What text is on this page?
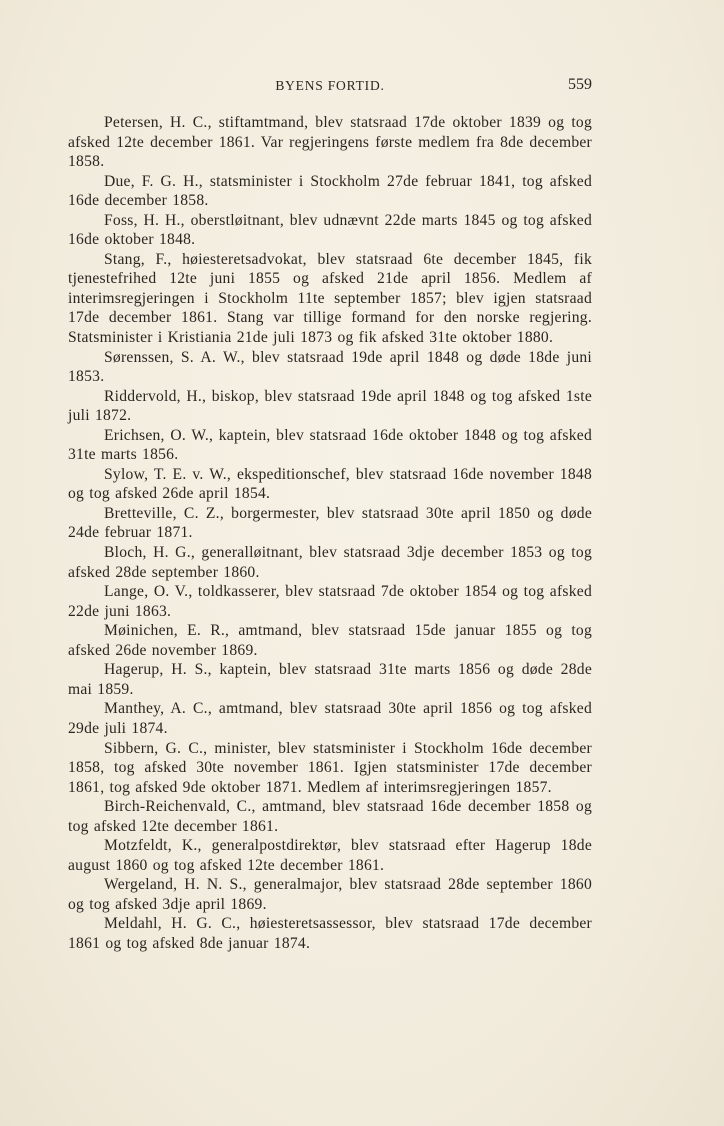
BYENS FORTID.	559

Petersen, H. C., stiftamtmand, blev statsraad 17de oktober 1839 og tog afsked 12te december 1861. Var regjeringens første medlem fra 8de december 1858.

Due, F. G. H., statsminister i Stockholm 27de februar 1841, tog afsked 16de december 1858.

Foss, H. H., oberstløitnant, blev udnævnt 22de marts 1845 og tog afsked 16de oktober 1848.

Stang, F., høiesteretsadvokat, blev statsraad 6te december 1845, fik tjenestefrihed 12te juni 1855 og afsked 21de april 1856. Medlem af interimsregjeringen i Stockholm 11te september 1857; blev igjen statsraad 17de december 1861. Stang var tillige formand for den norske regjering. Statsminister i Kristiania 21de juli 1873 og fik afsked 31te oktober 1880.

Sørenssen, S. A. W., blev statsraad 19de april 1848 og døde 18de juni 1853.

Riddervold, H., biskop, blev statsraad 19de april 1848 og tog afsked 1ste juli 1872.

Erichsen, O. W., kaptein, blev statsraad 16de oktober 1848 og tog afsked 31te marts 1856.

Sylow, T. E. v. W., ekspeditionschef, blev statsraad 16de november 1848 og tog afsked 26de april 1854.

Bretteville, C. Z., borgermester, blev statsraad 30te april 1850 og døde 24de februar 1871.

Bloch, H. G., generalløitnant, blev statsraad 3dje december 1853 og tog afsked 28de september 1860.

Lange, O. V., toldkasserer, blev statsraad 7de oktober 1854 og tog afsked 22de juni 1863.

Møinichen, E. R., amtmand, blev statsraad 15de januar 1855 og tog afsked 26de november 1869.

Hagerup, H. S., kaptein, blev statsraad 31te marts 1856 og døde 28de mai 1859.

Manthey, A. C., amtmand, blev statsraad 30te april 1856 og tog afsked 29de juli 1874.

Sibbern, G. C., minister, blev statsminister i Stockholm 16de december 1858, tog afsked 30te november 1861. Igjen statsminister 17de december 1861, tog afsked 9de oktober 1871. Medlem af interimsregjeringen 1857.

Birch-Reichenvald, C., amtmand, blev statsraad 16de december 1858 og tog afsked 12te december 1861.

Motzfeldt, K., generalpostdirektør, blev statsraad efter Hagerup 18de august 1860 og tog afsked 12te december 1861.

Wergeland, H. N. S., generalmajor, blev statsraad 28de september 1860 og tog afsked 3dje april 1869.

Meldahl, H. G. C., høiesteretsassessor, blev statsraad 17de december 1861 og tog afsked 8de januar 1874.
